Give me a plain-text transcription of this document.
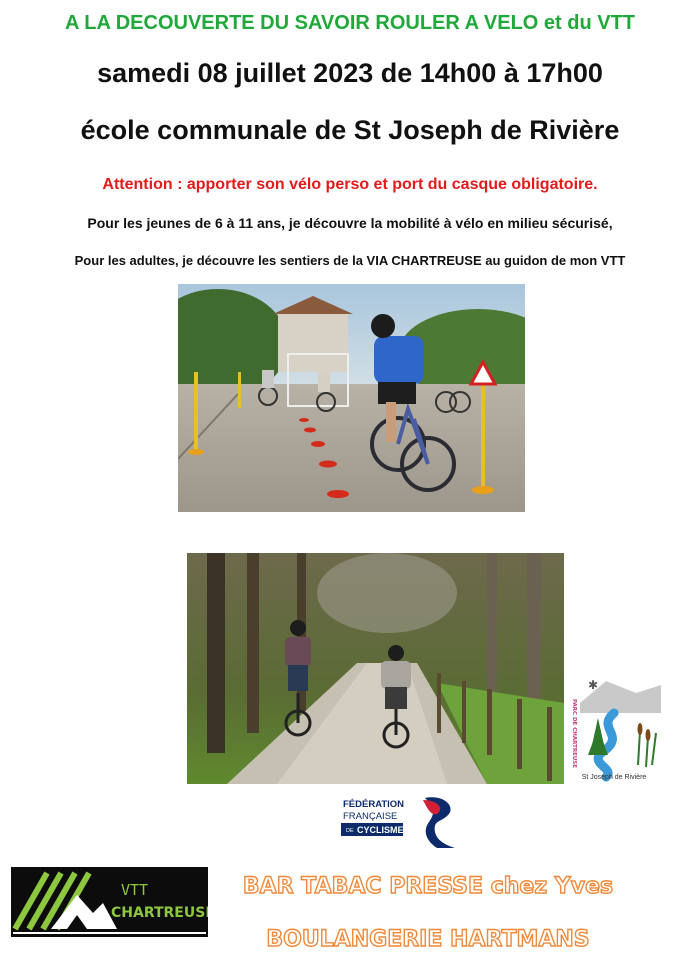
A LA DECOUVERTE DU SAVOIR ROULER A VELO et du VTT
samedi 08 juillet 2023 de 14h00 à 17h00
école communale de St Joseph de Rivière
Attention : apporter son vélo perso et port du casque obligatoire.
Pour les jeunes de 6 à 11 ans, je découvre la mobilité à vélo en milieu sécurisé,
Pour les adultes, je découvre les sentiers de la VIA CHARTREUSE au guidon de mon VTT
✱
PARC DE CHARTREUSE
St Joseph de Rivière
FÉDÉRATION
FRANÇAISE
DE CYCLISME
VTT
CHARTREUSE
BAR TABAC PRESSE chez Yves
BOULANGERIE HARTMANS
